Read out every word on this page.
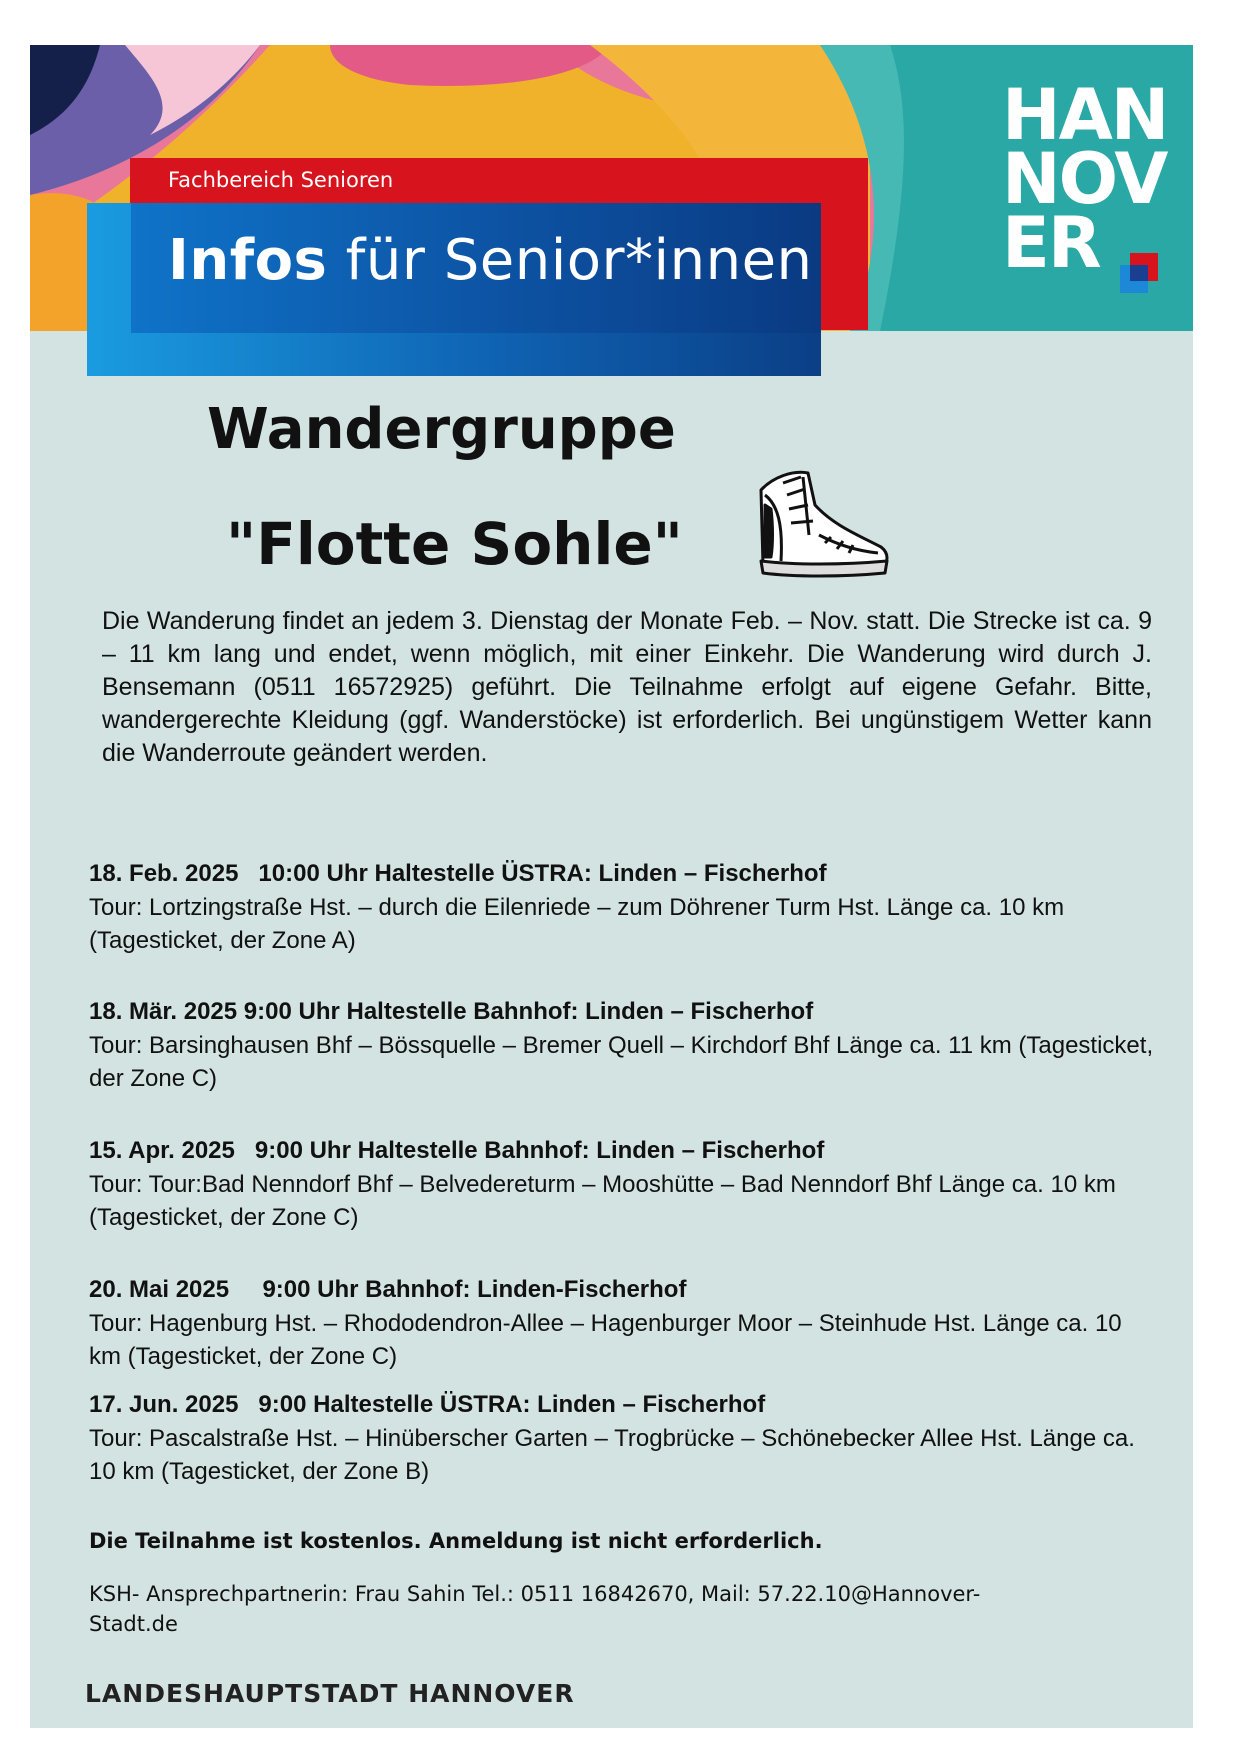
Fachbereich Senioren
HAN
NOV
ER
Infos für Senior*innen
Wandergruppe
"Flotte Sohle"
Die Wanderung findet an jedem 3. Dienstag der Monate Feb. – Nov. statt. Die Strecke ist ca. 9 – 11 km lang und endet, wenn möglich, mit einer Einkehr. Die Wanderung wird durch J. Bensemann (0511 16572925) geführt. Die Teilnahme erfolgt auf eigene Gefahr. Bitte, wandergerechte Kleidung (ggf. Wanderstöcke) ist erforderlich. Bei ungünstigem Wetter kann die Wanderroute geändert werden.
18. Feb. 2025   10:00 Uhr Haltestelle ÜSTRA: Linden – Fischerhof
Tour: Lortzingstraße Hst. – durch die Eilenriede – zum Döhrener Turm Hst. Länge ca. 10 km (Tagesticket, der Zone A)
18. Mär. 2025 9:00 Uhr Haltestelle Bahnhof: Linden – Fischerhof
Tour: Barsinghausen Bhf – Bössquelle – Bremer Quell – Kirchdorf Bhf Länge ca. 11 km (Tagesticket, der Zone C)
15. Apr. 2025   9:00 Uhr Haltestelle Bahnhof: Linden – Fischerhof
Tour: Tour:Bad Nenndorf Bhf – Belvedereturm – Mooshütte – Bad Nenndorf Bhf Länge ca. 10 km (Tagesticket, der Zone C)
20. Mai 2025     9:00 Uhr Bahnhof: Linden-Fischerhof
Tour: Hagenburg Hst. – Rhododendron-Allee – Hagenburger Moor – Steinhude Hst. Länge ca. 10 km (Tagesticket, der Zone C)
17. Jun. 2025   9:00 Haltestelle ÜSTRA: Linden – Fischerhof
Tour: Pascalstraße Hst. – Hinüberscher Garten – Trogbrücke – Schönebecker Allee Hst. Länge ca. 10 km (Tagesticket, der Zone B)
Die Teilnahme ist kostenlos. Anmeldung ist nicht erforderlich.
KSH- Ansprechpartnerin: Frau Sahin Tel.: 0511 16842670, Mail: 57.22.10@Hannover-Stadt.de
LANDESHAUPTSTADT HANNOVER
